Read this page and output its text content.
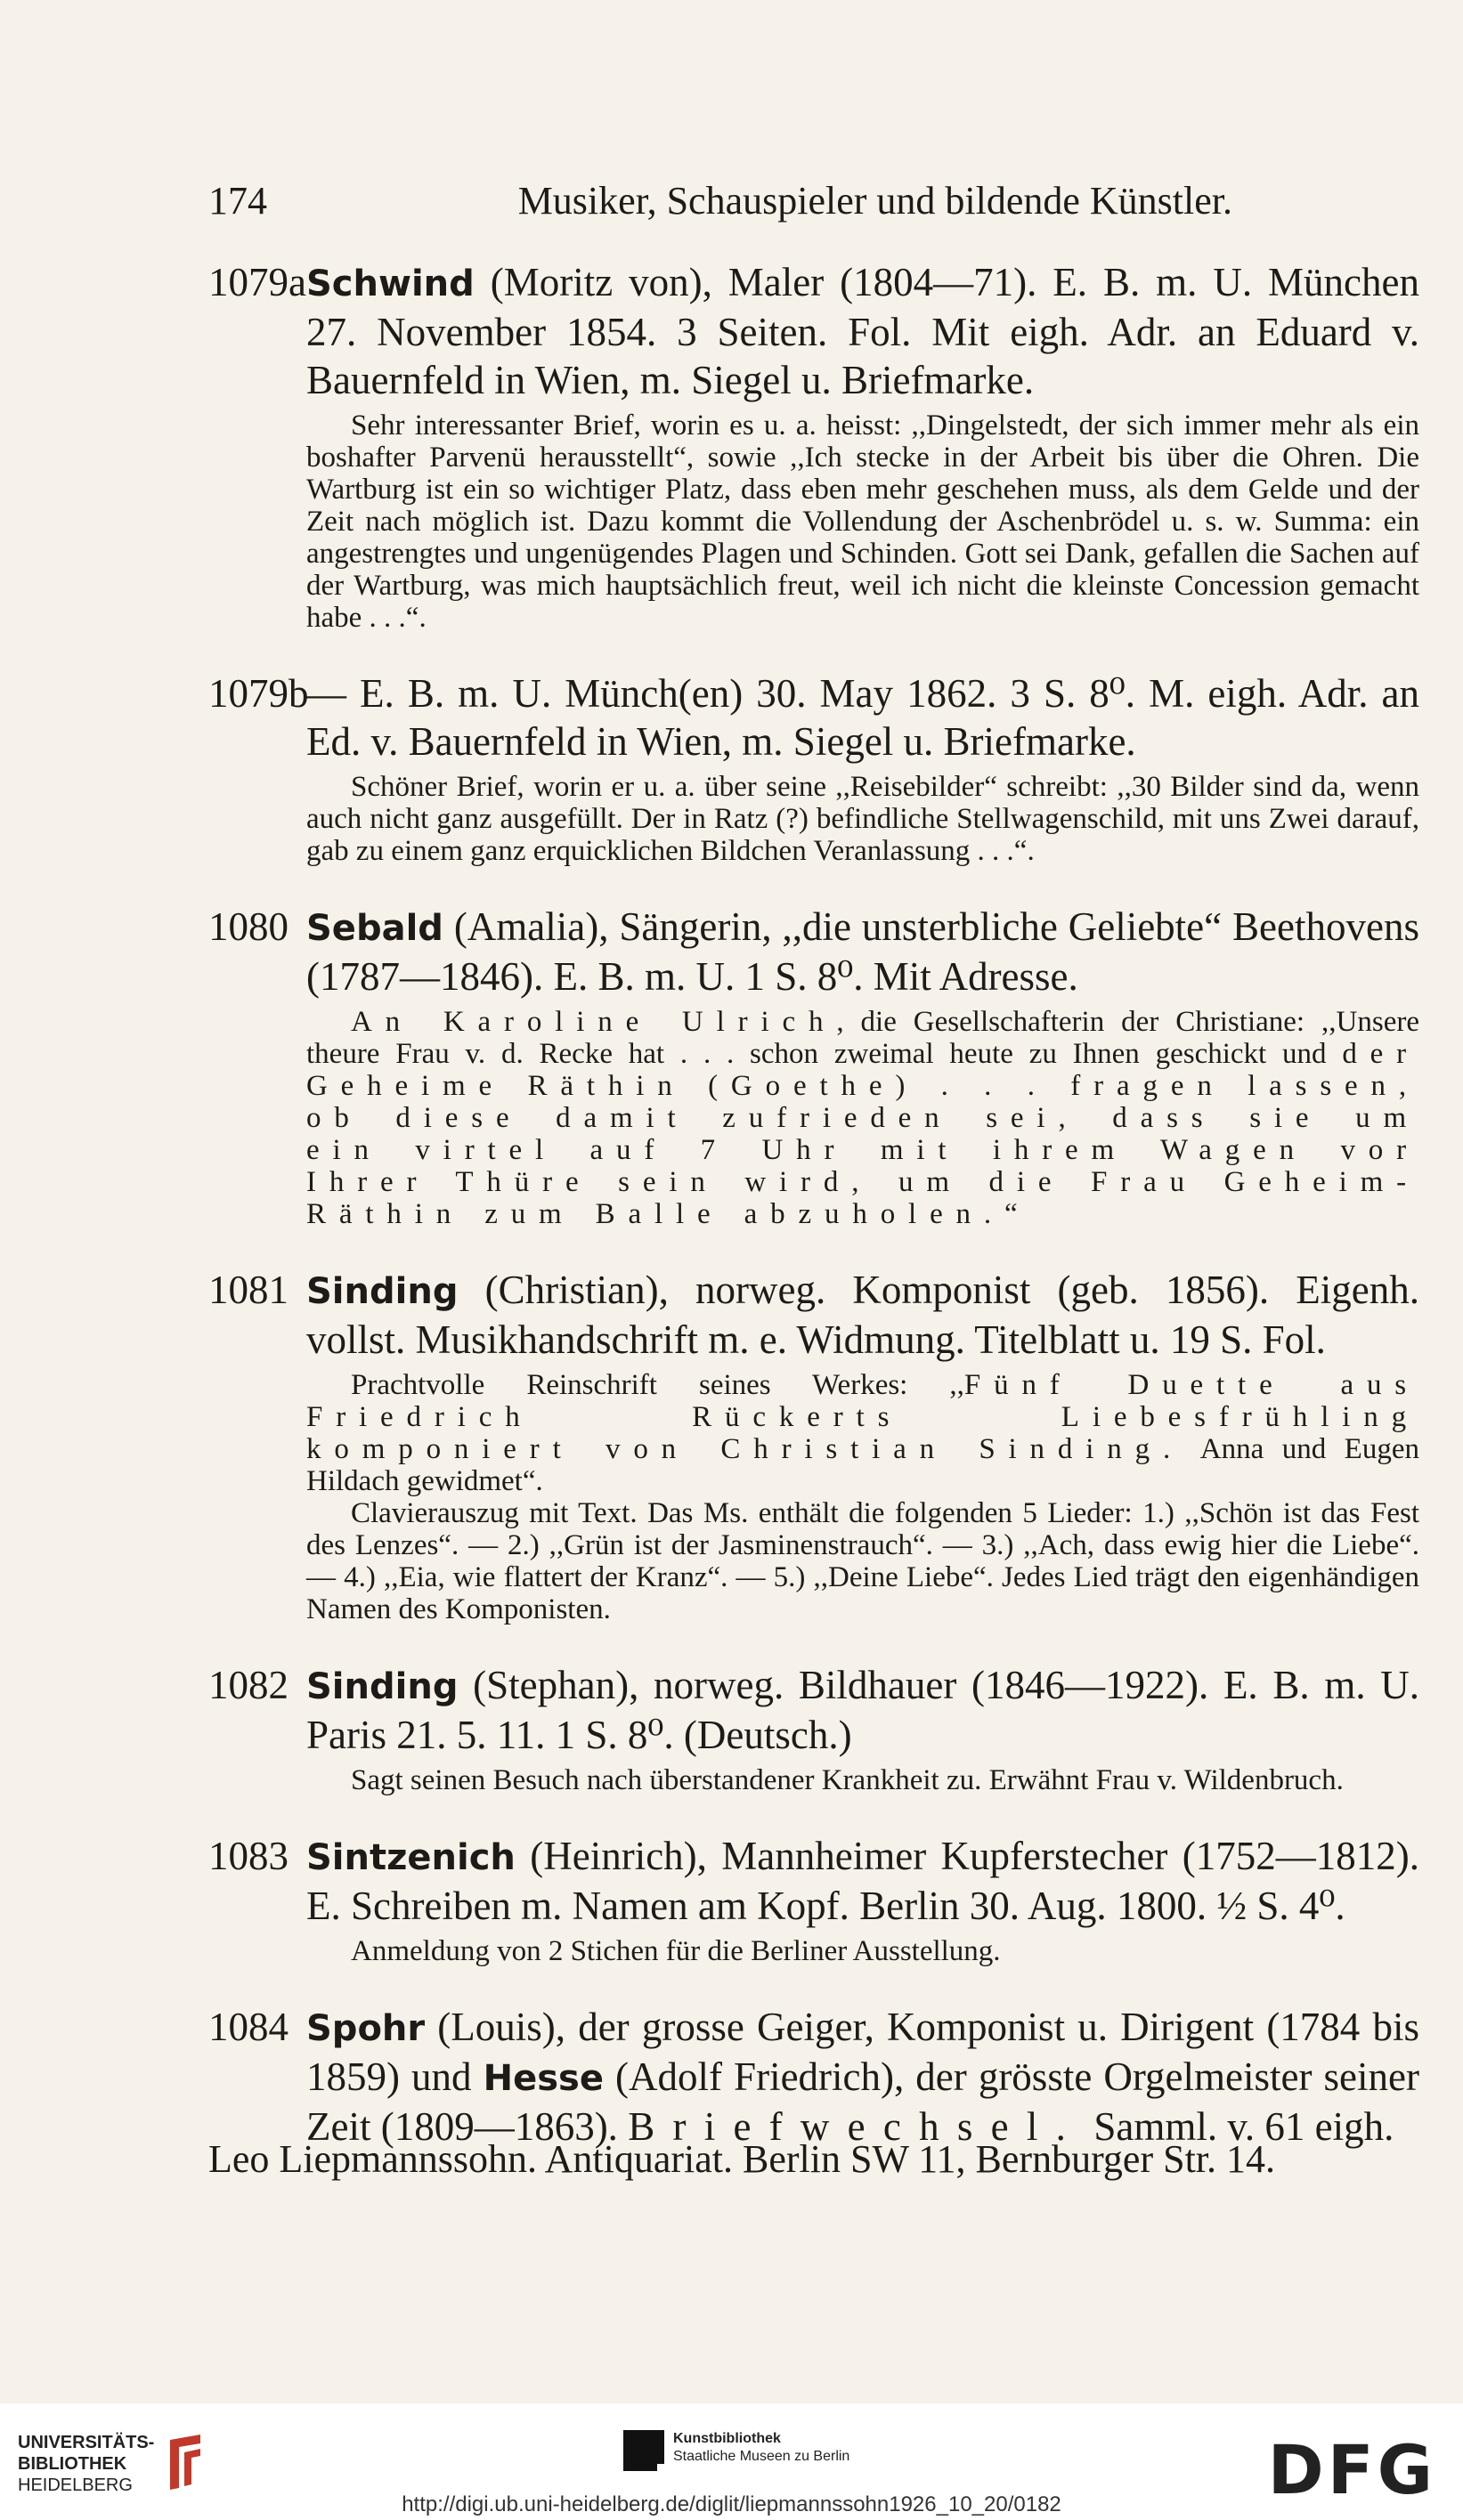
174	Musiker, Schauspieler und bildende Künstler.
1079aSchwind (Moritz von), Maler (1804—71). E. B. m. U. München 27. November 1854. 3 Seiten. Fol. Mit eigh. Adr. an Eduard v. Bauernfeld in Wien, m. Siegel u. Briefmarke.

Sehr interessanter Brief, worin es u. a. heisst: ,,Dingelstedt, der sich immer mehr als ein boshafter Parvenü herausstellt“, sowie ,,Ich stecke in der Arbeit bis über die Ohren. Die Wartburg ist ein so wichtiger Platz, dass eben mehr geschehen muss, als dem Gelde und der Zeit nach möglich ist. Dazu kommt die Vollendung der Aschenbrödel u. s. w. Summa: ein angestrengtes und ungenügendes Plagen und Schinden. Gott sei Dank, gefallen die Sachen auf der Wartburg, was mich hauptsächlich freut, weil ich nicht die kleinste Concession gemacht habe . . .“.

1079b— E. B. m. U. Münch(en) 30. May 1862. 3 S. 8⁰. M. eigh. Adr. an Ed. v. Bauernfeld in Wien, m. Siegel u. Briefmarke.

Schöner Brief, worin er u. a. über seine ,,Reisebilder“ schreibt: ,,30 Bilder sind da, wenn auch nicht ganz ausgefüllt. Der in Ratz (?) befindliche Stellwagenschild, mit uns Zwei darauf, gab zu einem ganz erquicklichen Bildchen Veranlassung . . .“.

1080 Sebald (Amalia), Sängerin, ,,die unsterbliche Geliebte“ Beethovens (1787—1846). E. B. m. U. 1 S. 8⁰. Mit Adresse.

An Karoline Ulrich, die Gesellschafterin der Christiane: ,,Unsere theure Frau v. d. Recke hat . . . schon zweimal heute zu Ihnen geschickt und der Geheime Räthin (Goethe) . . . fragen lassen, ob diese damit zufrieden sei, dass sie um ein virtel auf 7 Uhr mit ihrem Wagen vor Ihrer Thüre sein wird, um die Frau Geheim-Räthin zum Balle abzuholen.“

1081 Sinding (Christian), norweg. Komponist (geb. 1856). Eigenh. vollst. Musikhandschrift m. e. Widmung. Titelblatt u. 19 S. Fol.

Prachtvolle Reinschrift seines Werkes: ,,Fünf Duette aus Friedrich Rückerts Liebesfrühling komponiert von Christian Sinding. Anna und Eugen Hildach gewidmet“.

Clavierauszug mit Text. Das Ms. enthält die folgenden 5 Lieder: 1.) ,,Schön ist das Fest des Lenzes“. — 2.) ,,Grün ist der Jasminenstrauch“. — 3.) ,,Ach, dass ewig hier die Liebe“. — 4.) ,,Eia, wie flattert der Kranz“. — 5.) ,,Deine Liebe“. Jedes Lied trägt den eigenhändigen Namen des Komponisten.

1082 Sinding (Stephan), norweg. Bildhauer (1846—1922). E. B. m. U. Paris 21. 5. 11. 1 S. 8⁰. (Deutsch.)

Sagt seinen Besuch nach überstandener Krankheit zu. Erwähnt Frau v. Wildenbruch.

1083 Sintzenich (Heinrich), Mannheimer Kupferstecher (1752—1812). E. Schreiben m. Namen am Kopf. Berlin 30. Aug. 1800. ½ S. 4⁰.

Anmeldung von 2 Stichen für die Berliner Ausstellung.

1084 Spohr (Louis), der grosse Geiger, Komponist u. Dirigent (1784 bis 1859) und Hesse (Adolf Friedrich), der grösste Orgelmeister seiner Zeit (1809—1863). Briefwechsel. Samml. v. 61 eigh.
Leo Liepmannssohn. Antiquariat. Berlin SW 11, Bernburger Str. 14.
UNIVERSITÄTS-
BIBLIOTHEK
HEIDELBERG
Kunstbibliothek
Staatliche Museen zu Berlin	DFG
http://digi.ub.uni-heidelberg.de/diglit/liepmannssohn1926_10_20/0182
